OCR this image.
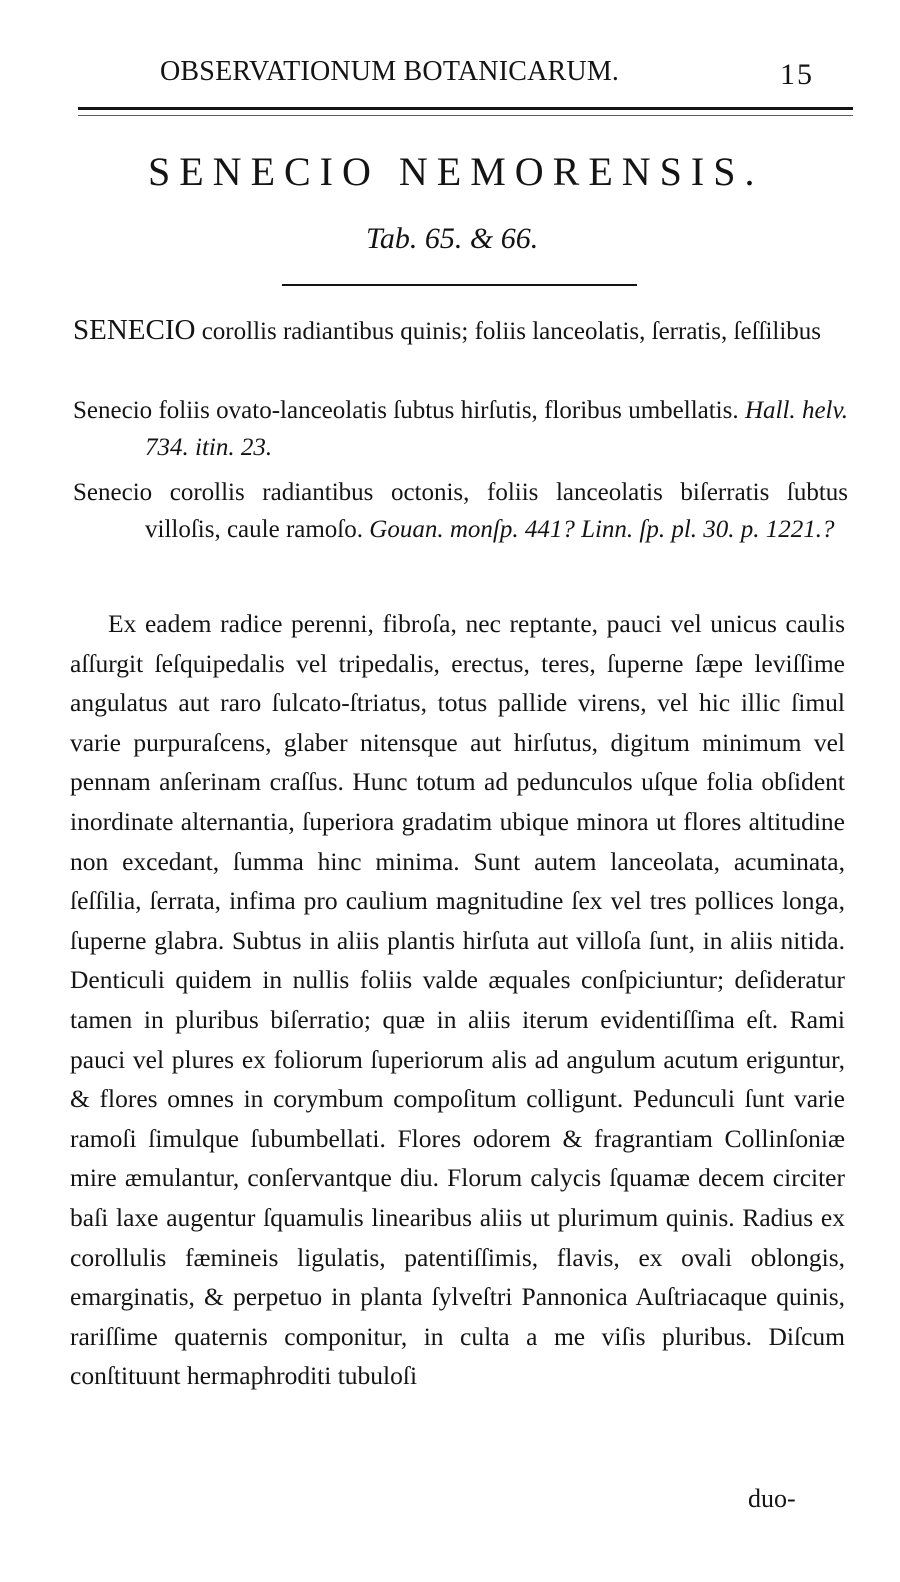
OBSERVATIONUM BOTANICARUM.	15
SENECIO NEMORENSIS.
Tab. 65. & 66.
SENECIO corollis radiantibus quinis; foliis lanceolatis, ſerratis, ſeſſilibus
Senecio foliis ovato-lanceolatis ſubtus hirſutis, floribus umbellatis. Hall. helv. 734. itin. 23.
Senecio corollis radiantibus octonis, foliis lanceolatis biſerratis ſubtus villoſis, caule ramoſo. Gouan. monſp. 441? Linn. ſp. pl. 30. p. 1221.?
Ex eadem radice perenni, fibroſa, nec reptante, pauci vel unicus caulis aſſurgit ſeſquipedalis vel tripedalis, erectus, teres, ſuperne ſæpe leviſſime angulatus aut raro ſulcato-ſtriatus, totus pallide virens, vel hic illic ſimul varie purpuraſcens, glaber nitensque aut hirſutus, digitum minimum vel pennam anſerinam craſſus. Hunc totum ad pedunculos uſque folia obſident inordinate alternantia, ſuperiora gradatim ubique minora ut flores altitudine non excedant, ſumma hinc minima. Sunt autem lanceolata, acuminata, ſeſſilia, ſerrata, infima pro caulium magnitudine ſex vel tres pollices longa, ſuperne glabra. Subtus in aliis plantis hirſuta aut villoſa ſunt, in aliis nitida. Denticuli quidem in nullis foliis valde æquales conſpiciuntur; deſideratur tamen in pluribus biſerratio; quæ in aliis iterum evidentiſſima eſt. Rami pauci vel plures ex foliorum ſuperiorum alis ad angulum acutum eriguntur, & flores omnes in corymbum compoſitum colligunt. Pedunculi ſunt varie ramoſi ſimulque ſubumbellati. Flores odorem & fragrantiam Collinſoniæ mire æmulantur, conſervantque diu. Florum calycis ſquamæ decem circiter baſi laxe augentur ſquamulis linearibus aliis ut plurimum quinis. Radius ex corollulis fæmineis ligulatis, patentiſſimis, flavis, ex ovali oblongis, emarginatis, & perpetuo in planta ſylveſtri Pannonica Auſtriacaque quinis, rariſſime quaternis componitur, in culta a me viſis pluribus. Diſcum conſtituunt hermaphroditi tubuloſi
duo-
